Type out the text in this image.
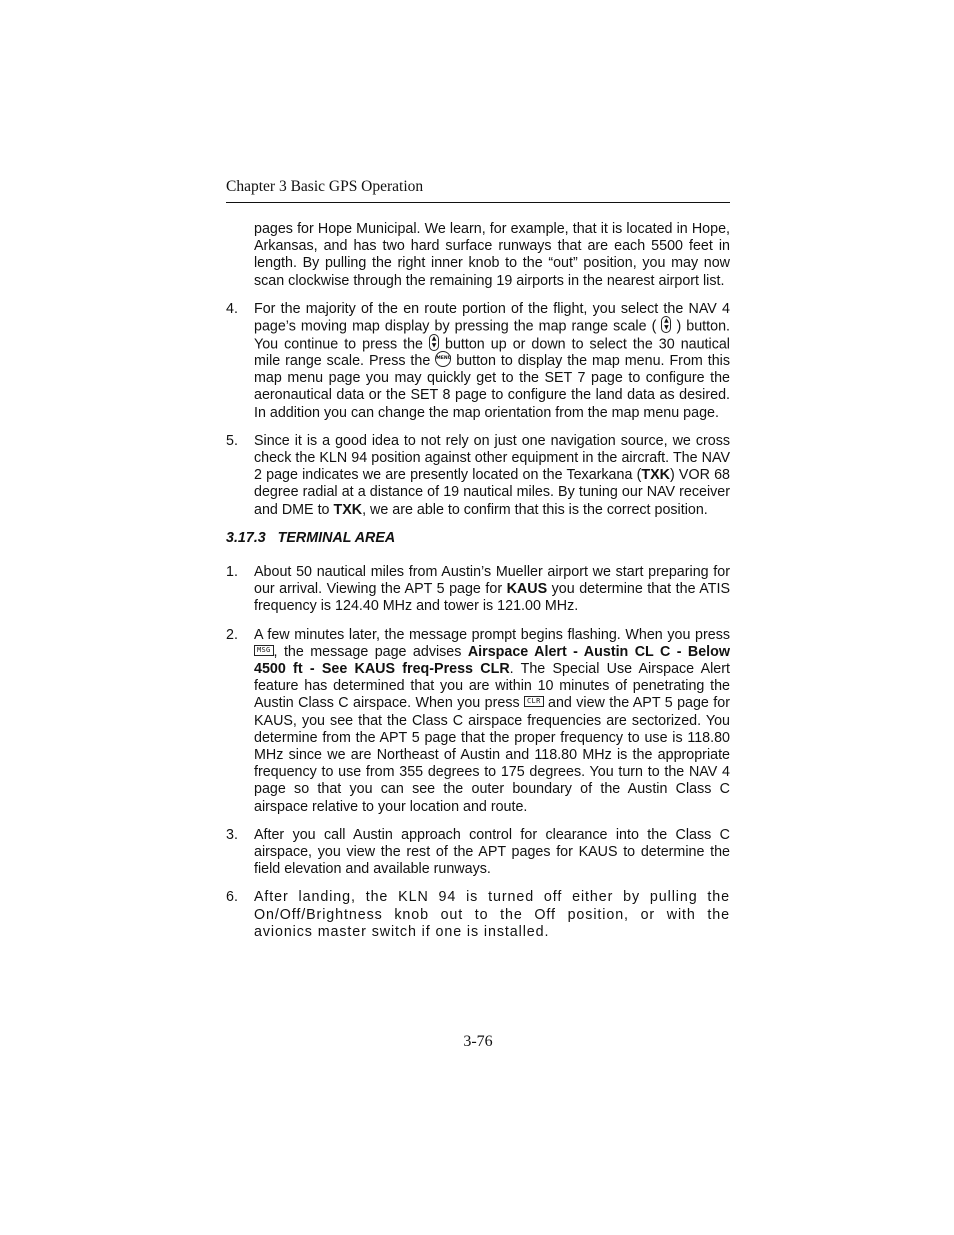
Chapter 3 Basic GPS Operation

pages for Hope Municipal. We learn, for example, that it is located in Hope, Arkansas, and has two hard surface runways that are each 5500 feet in length. By pulling the right inner knob to the “out” position, you may now scan clockwise through the remaining 19 airports in the nearest airport list.

4.	For the majority of the en route portion of the flight, you select the NAV 4 page’s moving map display by pressing the map range scale ( ▲
▼ ) button. You continue to press the ▲
▼ button up or down to select the 30 nautical mile range scale. Press the MENU button to display the map menu. From this map menu page you may quickly get to the SET 7 page to configure the aeronautical data or the SET 8 page to configure the land data as desired. In addition you can change the map orientation from the map menu page.
5.	Since it is a good idea to not rely on just one navigation source, we cross check the KLN 94 position against other equipment in the aircraft. The NAV 2 page indicates we are presently located on the Texarkana (TXK) VOR 68 degree radial at a distance of 19 nautical miles. By tuning our NAV receiver and DME to TXK, we are able to confirm that this is the correct position.

3.17.3   TERMINAL AREA

1.	About 50 nautical miles from Austin’s Mueller airport we start preparing for our arrival. Viewing the APT 5 page for KAUS you determine that the ATIS frequency is 124.40 MHz and tower is 121.00 MHz.
2.	A few minutes later, the message prompt begins flashing. When you press MSG , the message page advises Airspace Alert - Austin CL C - Below 4500 ft - See KAUS freq-Press CLR. The Special Use Airspace Alert feature has determined that you are within 10 minutes of penetrating the Austin Class C airspace. When you press CLR and view the APT 5 page for KAUS, you see that the Class C airspace frequencies are sectorized. You determine from the APT 5 page that the proper frequency to use is 118.80 MHz since we are Northeast of Austin and 118.80 MHz is the appropriate frequency to use from 355 degrees to 175 degrees. You turn to the NAV 4 page so that you can see the outer boundary of the Austin Class C airspace relative to your location and route.
3.	After you call Austin approach control for clearance into the Class C airspace, you view the rest of the APT pages for KAUS to determine the field elevation and available runways.
6.	After landing, the KLN 94 is turned off either by pulling the On/Off/Brightness knob out to the Off position, or with the avionics master switch if one is installed.
3-76
